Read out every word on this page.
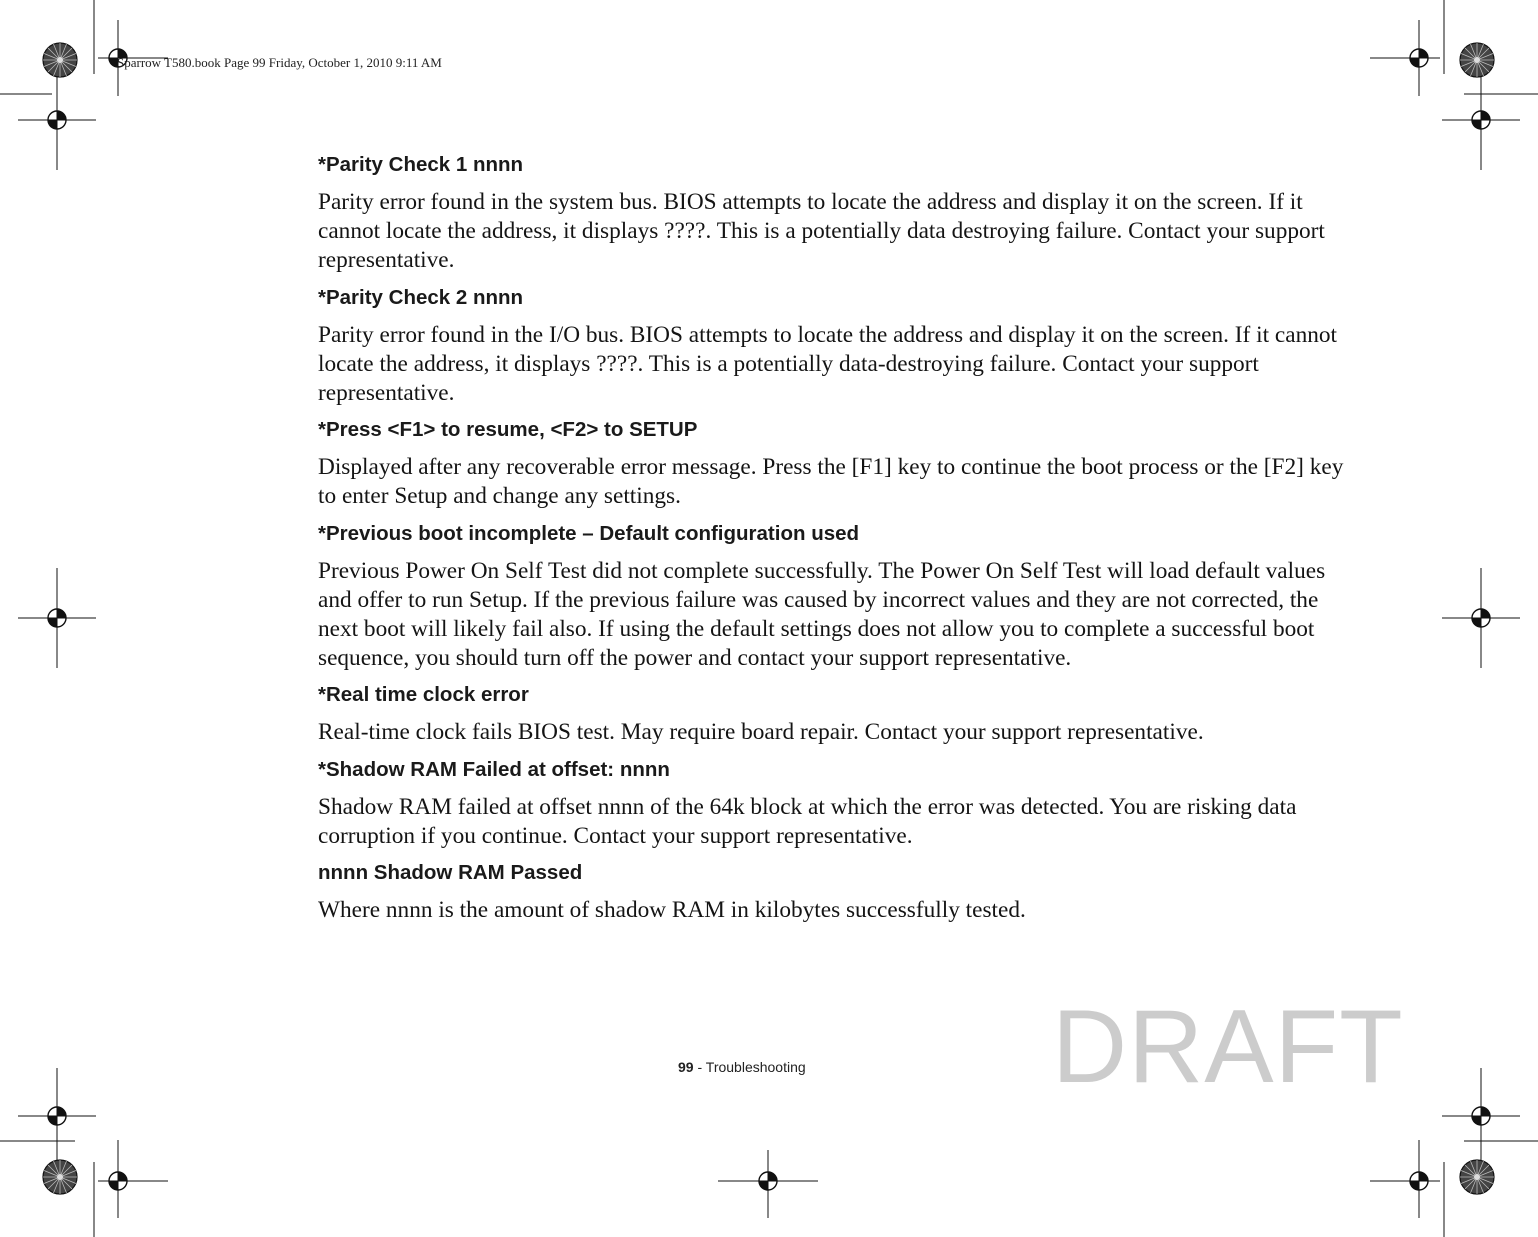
Sparrow T580.book Page 99 Friday, October 1, 2010 9:11 AM
*Parity Check 1 nnnn
Parity error found in the system bus. BIOS attempts to locate the address and display it on the screen. If it cannot locate the address, it displays ????. This is a potentially data destroying failure. Contact your support representative.
*Parity Check 2 nnnn
Parity error found in the I/O bus. BIOS attempts to locate the address and display it on the screen. If it cannot locate the address, it displays ????. This is a potentially data-destroying failure. Contact your support representative.
*Press <F1> to resume, <F2> to SETUP
Displayed after any recoverable error message. Press the [F1] key to continue the boot process or the [F2] key to enter Setup and change any settings.
*Previous boot incomplete – Default configuration used
Previous Power On Self Test did not complete successfully. The Power On Self Test will load default values and offer to run Setup. If the previous failure was caused by incorrect values and they are not corrected, the next boot will likely fail also. If using the default settings does not allow you to complete a successful boot sequence, you should turn off the power and contact your support representative.
*Real time clock error
Real-time clock fails BIOS test. May require board repair. Contact your support representative.
*Shadow RAM Failed at offset: nnnn
Shadow RAM failed at offset nnnn of the 64k block at which the error was detected. You are risking data corruption if you continue. Contact your support representative.
nnnn Shadow RAM Passed
Where nnnn is the amount of shadow RAM in kilobytes successfully tested.
99 - Troubleshooting DRAFT
